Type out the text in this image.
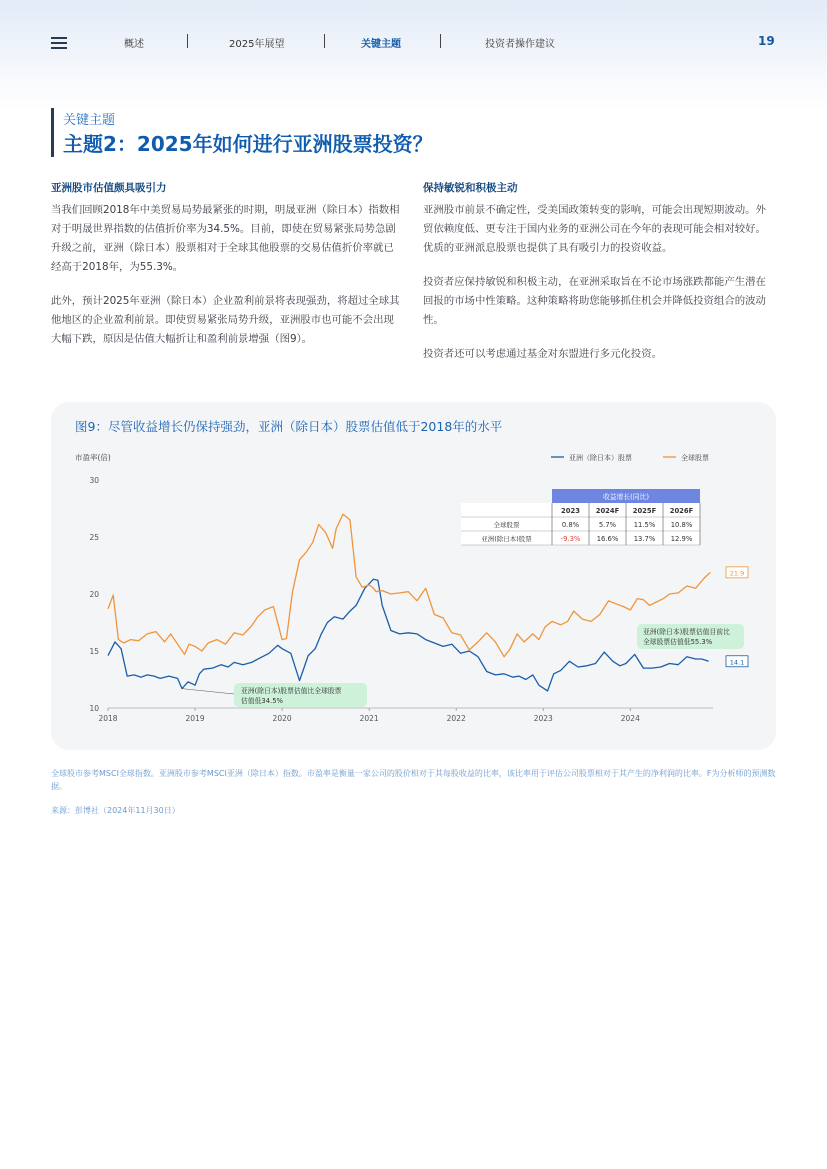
概述	2025年展望	关键主题	投资者操作建议	19
关键主题
主题2：2025年如何进行亚洲股票投资？
亚洲股市估值颇具吸引力
当我们回顾2018年中美贸易局势最紧张的时期，明晟亚洲（除日本）指数相对于明晟世界指数的估值折价率为34.5%。目前，即使在贸易紧张局势急剧升级之前，亚洲（除日本）股票相对于全球其他股票的交易估值折价率就已经高于2018年，为55.3%。
此外，预计2025年亚洲（除日本）企业盈利前景将表现强劲，将超过全球其他地区的企业盈利前景。即使贸易紧张局势升级，亚洲股市也可能不会出现大幅下跌，原因是估值大幅折让和盈利前景增强（图9）。
保持敏锐和积极主动
亚洲股市前景不确定性，受美国政策转变的影响，可能会出现短期波动。外贸依赖度低、更专注于国内业务的亚洲公司在今年的表现可能会相对较好。优质的亚洲派息股票也提供了具有吸引力的投资收益。
投资者应保持敏锐和积极主动，在亚洲采取旨在不论市场涨跌都能产生潜在回报的市场中性策略。这种策略将助您能够抓住机会并降低投资组合的波动性。
投资者还可以考虑通过基金对东盟进行多元化投资。
图9：尽管收益增长仍保持强劲，亚洲（除日本）股票估值低于2018年的水平
市盈率(倍)
10
15
20
25
30
2018	2019	2020	2021	2022	2023	2024
亚洲（除日本）股票	全球股票
21.9
14.1
亚洲(除日本)股票估值比全球股票
估值低34.5%
亚洲(除日本)股票估值目前比
全球股票估值低55.3%
收益增长(同比)
2023 2024F 2025F 2026F
全球股票	0.8%	5.7%	11.5% 10.8%
亚洲(除日本)股票	-9.3% 16.6% 13.7% 12.9%
全球股市参考MSCI全球指数。亚洲股市参考MSCI亚洲（除日本）指数。市盈率是衡量一家公司的股价相对于其每股收益的比率，该比率用于评估公司股票相对于其产生的净利润的比率。F为分析师的预测数据。
来源：彭博社（2024年11月30日）
